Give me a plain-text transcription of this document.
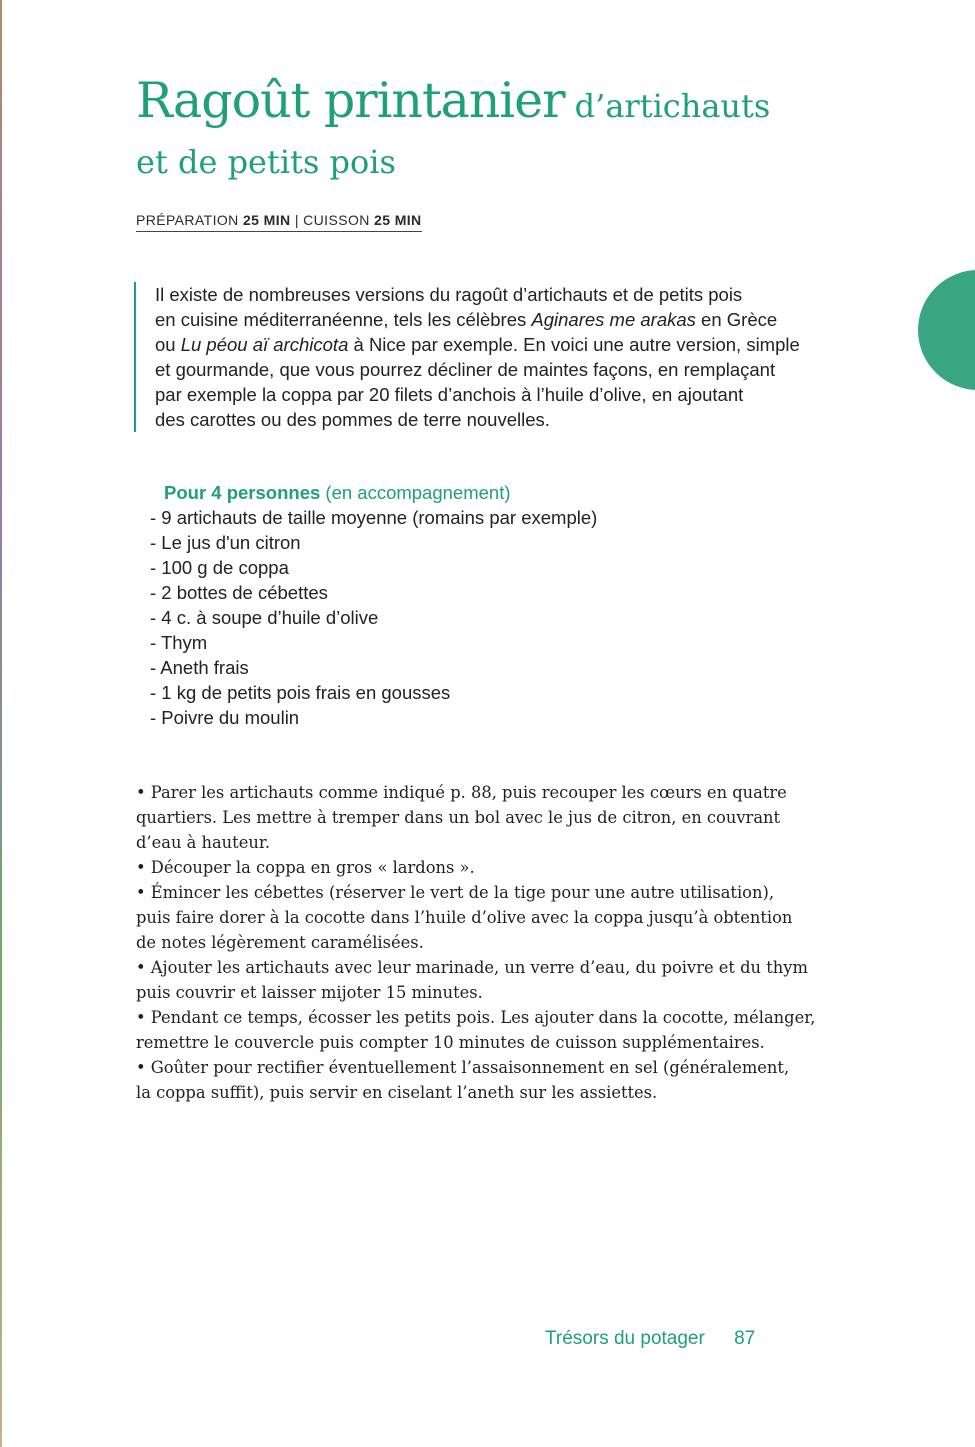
Ragoût printanier d’artichauts
et de petits pois
PRÉPARATION 25 MIN | CUISSON 25 MIN

Il existe de nombreuses versions du ragoût d’artichauts et de petits pois

en cuisine méditerranéenne, tels les célèbres Aginares me arakas en Grèce

ou Lu péou aï archicota à Nice par exemple. En voici une autre version, simple

et gourmande, que vous pourrez décliner de maintes façons, en remplaçant

par exemple la coppa par 20 filets d’anchois à l’huile d’olive, en ajoutant

des carottes ou des pommes de terre nouvelles.

Pour 4 personnes (en accompagnement)
- 9 artichauts de taille moyenne (romains par exemple)
- Le jus d'un citron
- 100 g de coppa
- 2 bottes de cébettes
- 4 c. à soupe d’huile d’olive
- Thym
- Aneth frais
- 1 kg de petits pois frais en gousses
- Poivre du moulin

• Parer les artichauts comme indiqué p. 88, puis recouper les cœurs en quatre

quartiers. Les mettre à tremper dans un bol avec le jus de citron, en couvrant

d’eau à hauteur.

• Découper la coppa en gros « lardons ».

• Émincer les cébettes (réserver le vert de la tige pour une autre utilisation),

puis faire dorer à la cocotte dans l’huile d’olive avec la coppa jusqu’à obtention

de notes légèrement caramélisées.

• Ajouter les artichauts avec leur marinade, un verre d’eau, du poivre et du thym

puis couvrir et laisser mijoter 15 minutes.

• Pendant ce temps, écosser les petits pois. Les ajouter dans la cocotte, mélanger,

remettre le couvercle puis compter 10 minutes de cuisson supplémentaires.

• Goûter pour rectifier éventuellement l’assaisonnement en sel (généralement,

la coppa suffit), puis servir en ciselant l’aneth sur les assiettes.

Trésors du potager 87
